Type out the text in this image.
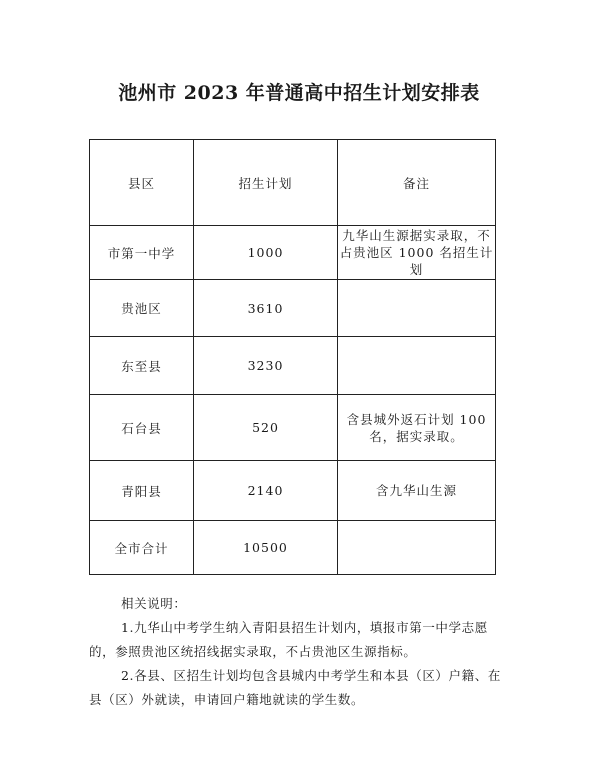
池州市 2023 年普通高中招生计划安排表
县区	招生计划	备注
市第一中学	1000	九华山生源据实录取，不占贵池区 1000 名招生计划
贵池区	3610	
东至县	3230	
石台县	520	含县城外返石计划 100 名，据实录取。
青阳县	2140	含九华山生源
全市合计	10500	

相关说明：

1.九华山中考学生纳入青阳县招生计划内，填报市第一中学志愿的，参照贵池区统招线据实录取，不占贵池区生源指标。

2.各县、区招生计划均包含县城内中考学生和本县（区）户籍、在县（区）外就读，申请回户籍地就读的学生数。
